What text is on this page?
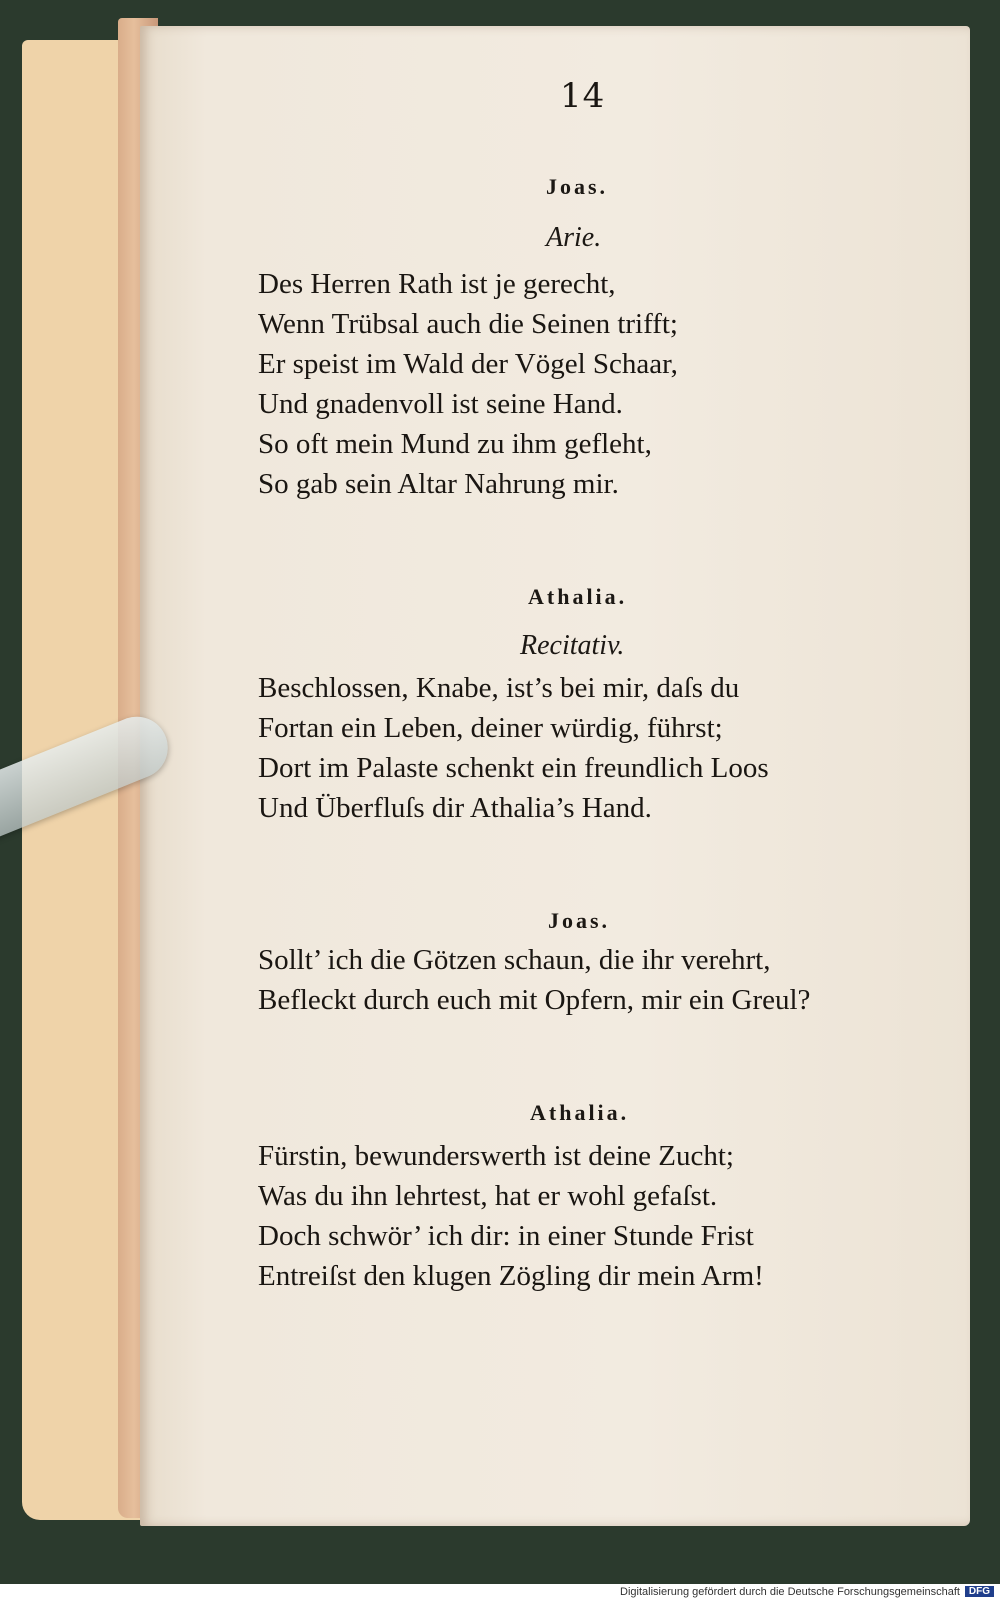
14
Joas.
Arie.
Des Herren Rath ist je gerecht,
Wenn Trübsal auch die Seinen trifft;
Er speist im Wald der Vögel Schaar,
Und gnadenvoll ist seine Hand.
So oft mein Mund zu ihm gefleht,
So gab sein Altar Nahrung mir.
Athalia.
Recitativ.
Beschlossen, Knabe, ist’s bei mir, daſs du
Fortan ein Leben, deiner würdig, führst;
Dort im Palaste schenkt ein freundlich Loos
Und Überfluſs dir Athalia’s Hand.
Joas.
Sollt’ ich die Götzen schaun, die ihr verehrt,
Befleckt durch euch mit Opfern, mir ein Greul?
Athalia.
Fürstin, bewunderswerth ist deine Zucht;
Was du ihn lehrtest, hat er wohl gefaſst.
Doch schwör’ ich dir: in einer Stunde Frist
Entreiſst den klugen Zögling dir mein Arm!
Digitalisierung gefördert durch die Deutsche Forschungsgemeinschaft DFG
